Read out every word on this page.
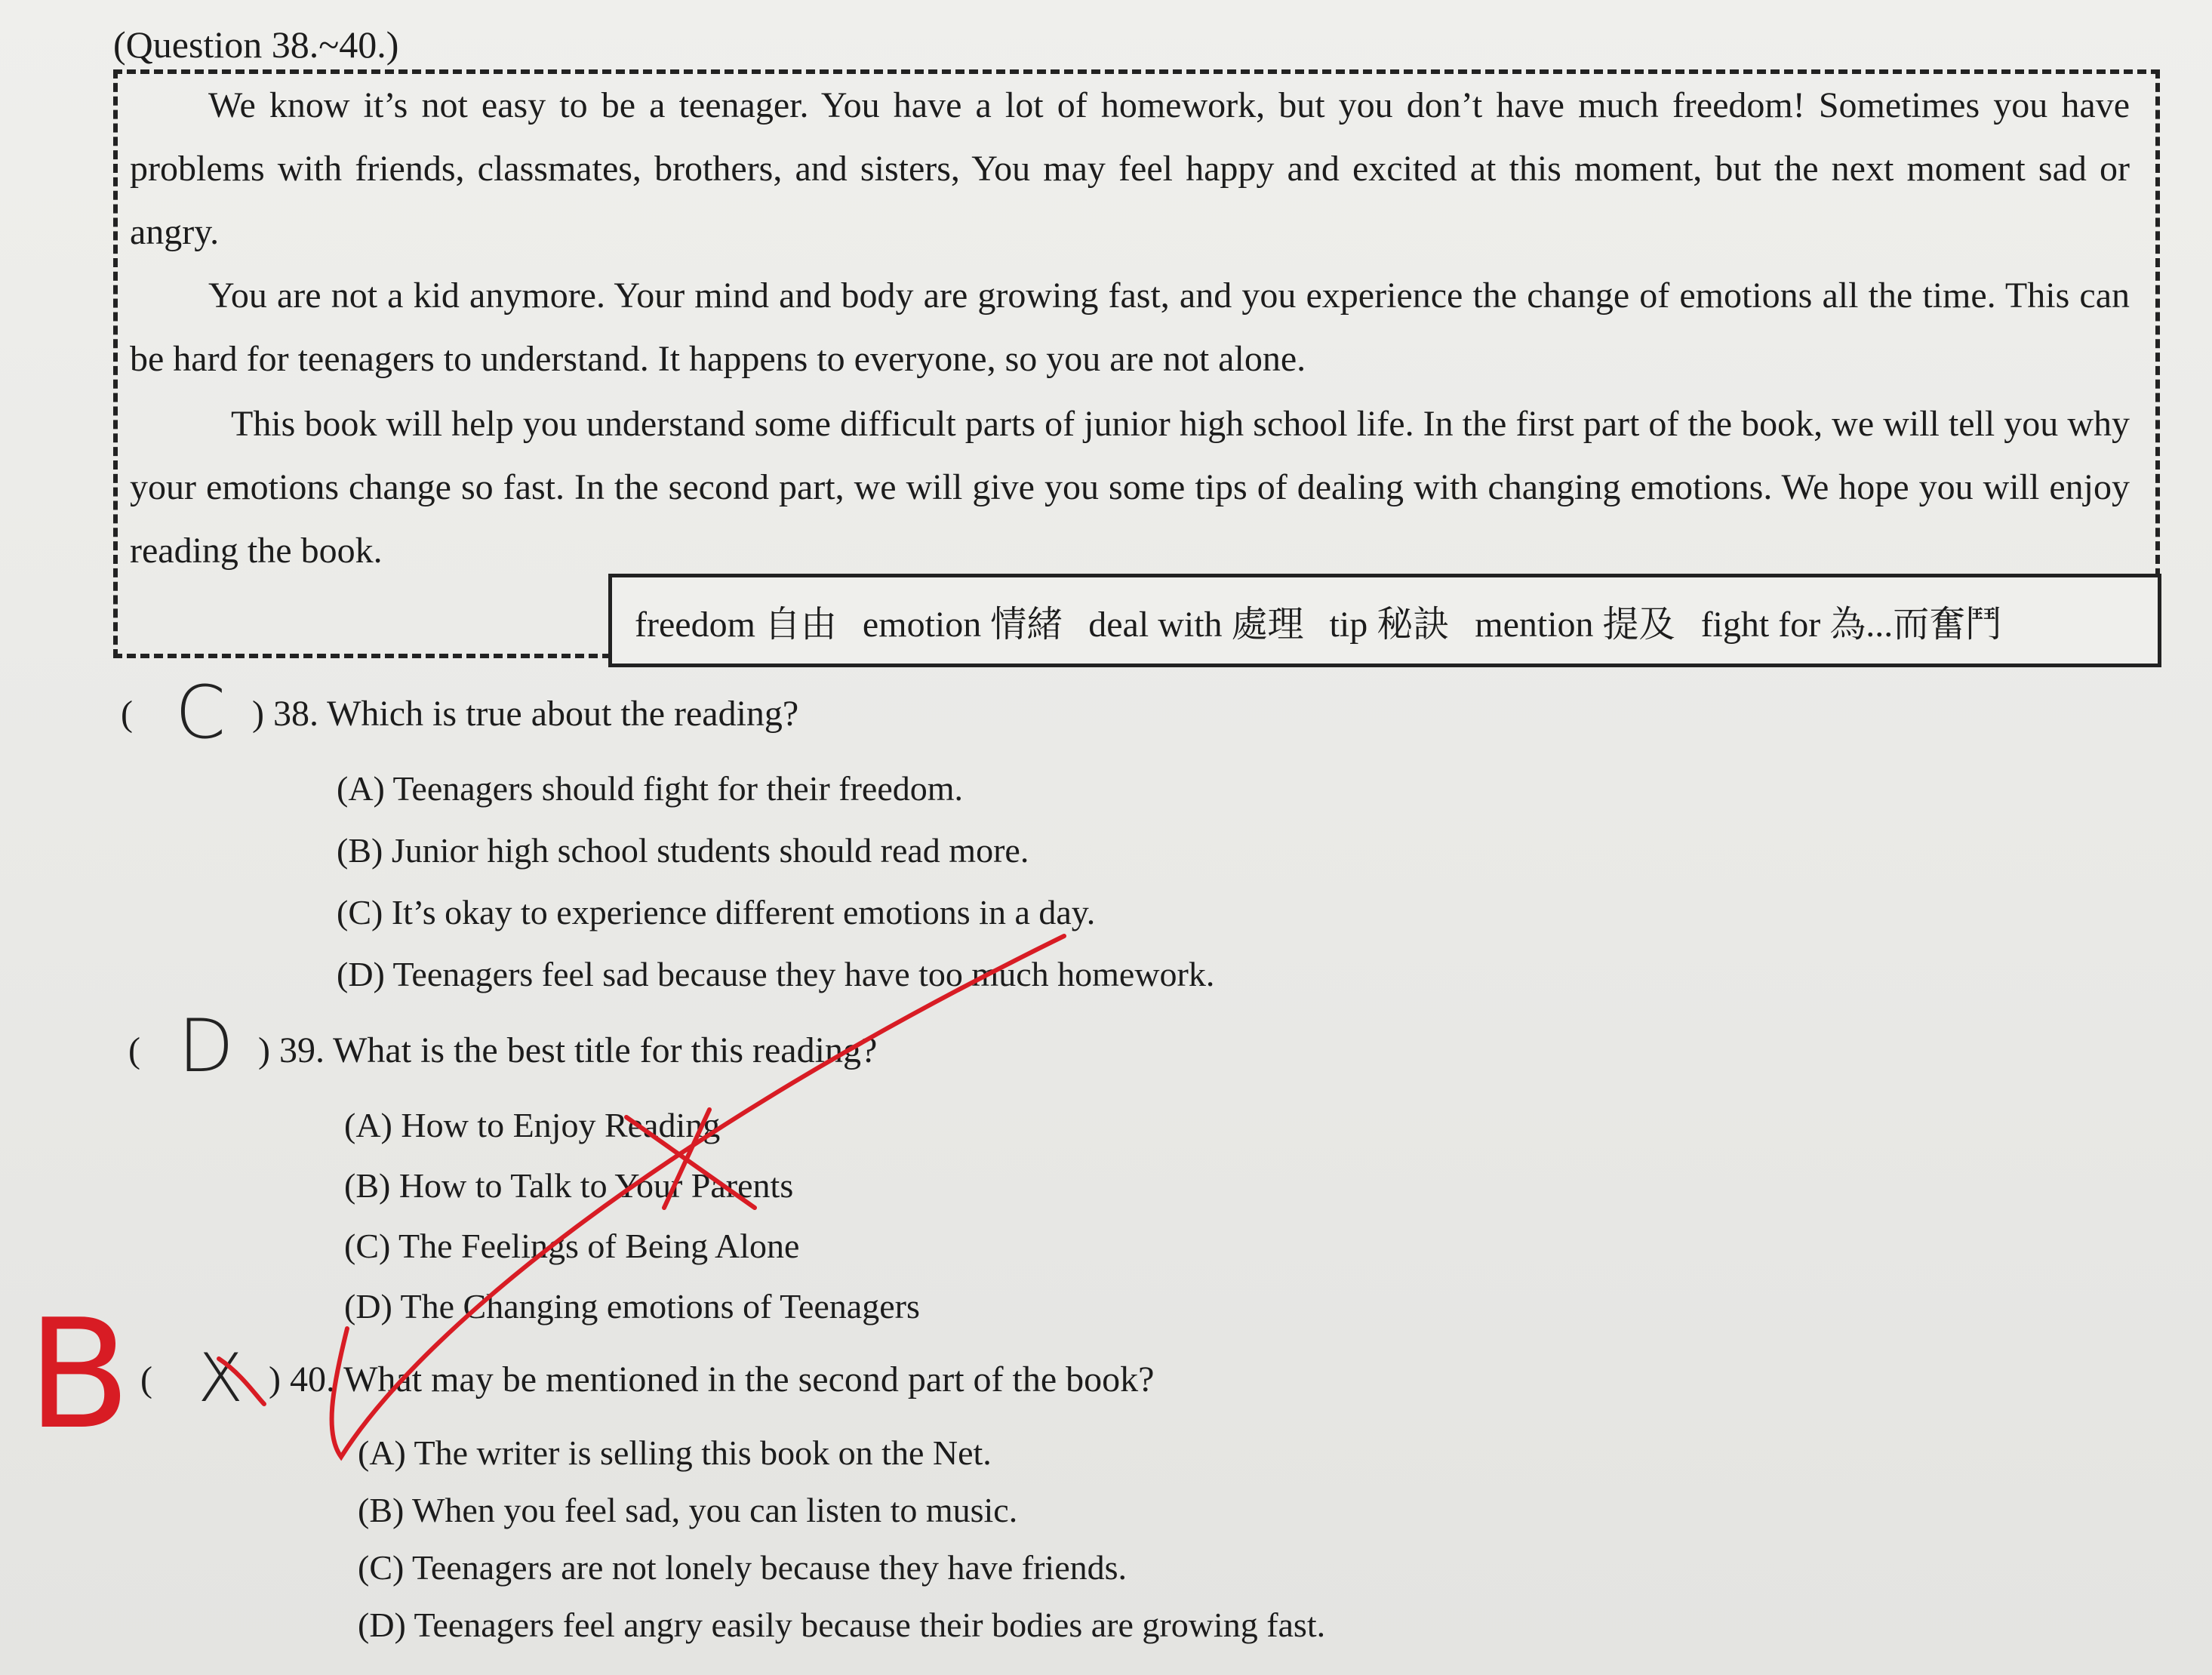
(Question 38.~40.)
We know it’s not easy to be a teenager. You have a lot of homework, but you don’t have much freedom! Sometimes you have problems with friends, classmates, brothers, and sisters, You may feel happy and excited at this moment, but the next moment sad or angry.
You are not a kid anymore. Your mind and body are growing fast, and you experience the change of emotions all the time. This can be hard for teenagers to understand. It happens to everyone, so you are not alone.
This book will help you understand some difficult parts of junior high school life. In the first part of the book, we will tell you why your emotions change so fast. In the second part, we will give you some tips of dealing with changing emotions. We hope you will enjoy reading the book.
freedom 自由 emotion 情緒 deal with 處理 tip 秘訣 mention 提及 fight for 為...而奮鬥
( C ) 38. Which is true about the reading?
(A) Teenagers should fight for their freedom.
(B) Junior high school students should read more.
(C) It’s okay to experience different emotions in a day.
(D) Teenagers feel sad because they have too much homework.
( D ) 39. What is the best title for this reading?
(A) How to Enjoy Reading
(B) How to Talk to Your Parents
(C) The Feelings of Being Alone
(D) The Changing emotions of Teenagers
( X ) 40. What may be mentioned in the second part of the book?
(A) The writer is selling this book on the Net.
(B) When you feel sad, you can listen to music.
(C) Teenagers are not lonely because they have friends.
(D) Teenagers feel angry easily because their bodies are growing fast.
B
